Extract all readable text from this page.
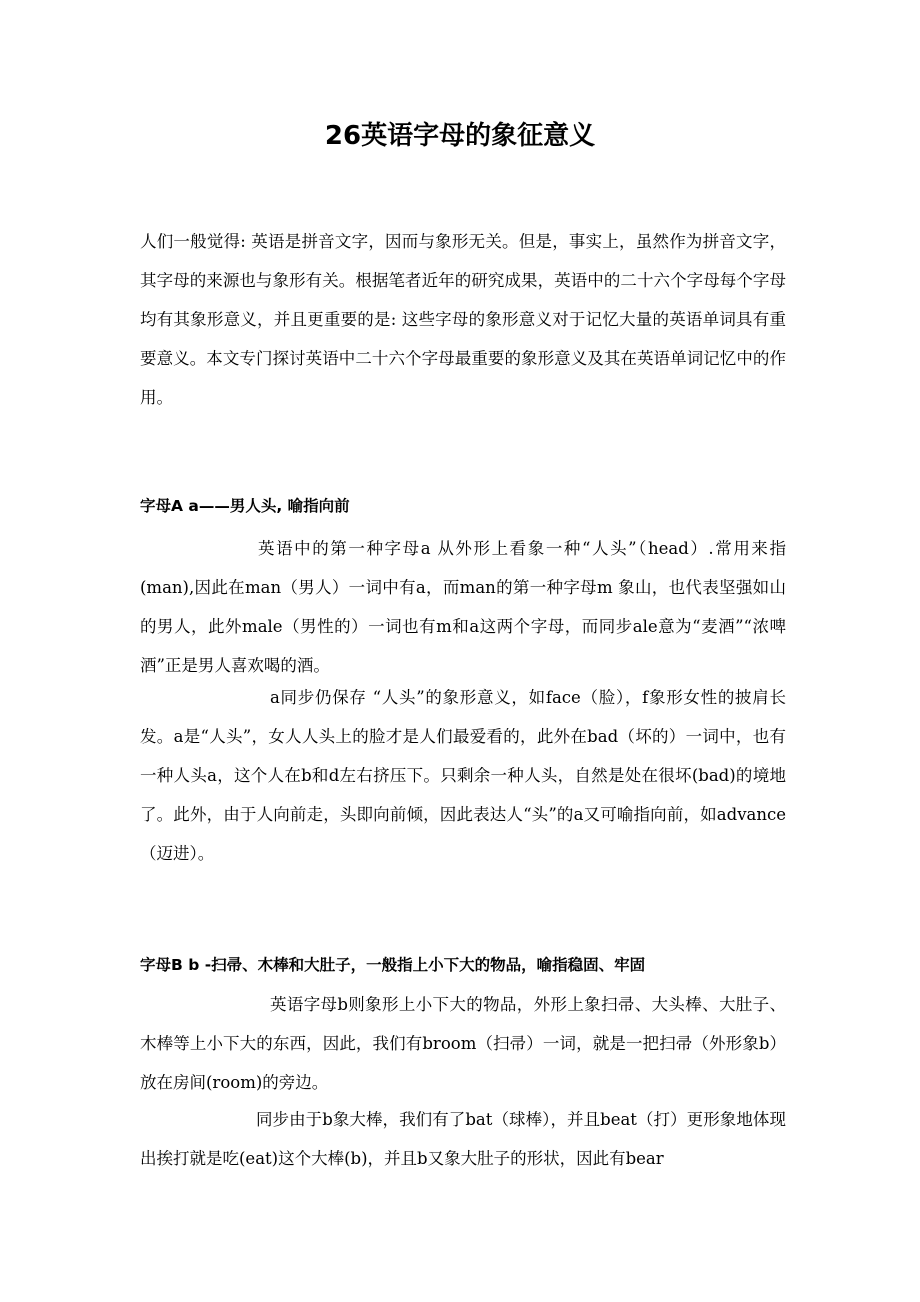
26英语字母的象征意义

人们一般觉得: 英语是拼音文字，因而与象形无关。但是，事实上，虽然作为拼音文字，其字母的来源也与象形有关。根据笔者近年的研究成果，英语中的二十六个字母每个字母均有其象形意义，并且更重要的是: 这些字母的象形意义对于记忆大量的英语单词具有重要意义。本文专门探讨英语中二十六个字母最重要的象形意义及其在英语单词记忆中的作用。

字母A a——男人头, 喻指向前

英语中的第一种字母a 从外形上看象一种“人头”（head）.常用来指(man),因此在man（男人）一词中有a，而man的第一种字母m 象山，也代表坚强如山的男人，此外male（男性的）一词也有m和a这两个字母，而同步ale意为“麦酒”“浓啤酒”正是男人喜欢喝的酒。

a同步仍保存 “人头”的象形意义，如face（脸），f象形女性的披肩长发。a是“人头”，女人人头上的脸才是人们最爱看的，此外在bad（坏的）一词中，也有一种人头a，这个人在b和d左右挤压下。只剩余一种人头，自然是处在很坏(bad)的境地了。此外，由于人向前走，头即向前倾，因此表达人“头”的a又可喻指向前，如advance（迈进）。

字母B b -扫帚、木棒和大肚子，一般指上小下大的物品，喻指稳固、牢固

英语字母b则象形上小下大的物品，外形上象扫帚、大头棒、大肚子、木棒等上小下大的东西，因此，我们有broom（扫帚）一词，就是一把扫帚（外形象b）放在房间(room)的旁边。

同步由于b象大棒，我们有了bat（球棒），并且beat（打）更形象地体现出挨打就是吃(eat)这个大棒(b)，并且b又象大肚子的形状，因此有bear
